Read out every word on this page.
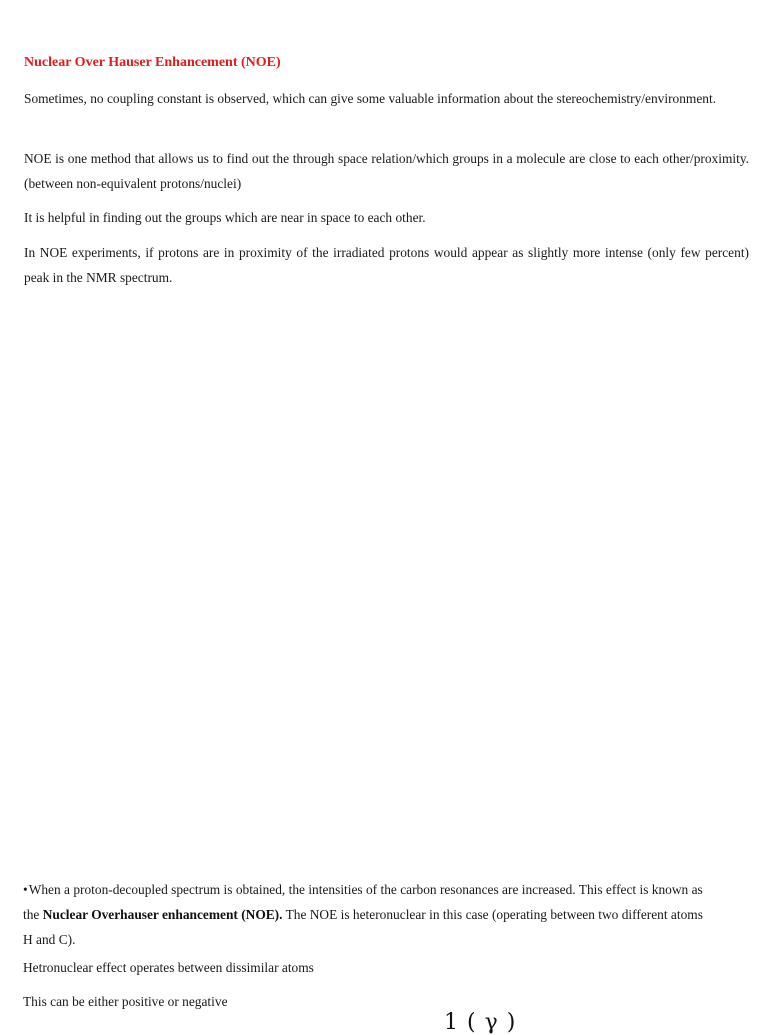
Nuclear Over Hauser Enhancement (NOE)

Sometimes, no coupling constant is observed, which can give some valuable information about the stereochemistry/environment.

NOE is one method that allows us to find out the through space relation/which groups in a molecule are close to each other/proximity. (between non-equivalent protons/nuclei)

It is helpful in finding out the groups which are near in space to each other.

In NOE experiments, if protons are in proximity of the irradiated protons would appear as slightly more intense (only few percent) peak in the NMR spectrum.

•When a proton-decoupled spectrum is obtained, the intensities of the carbon resonances are increased. This effect is known as the Nuclear Overhauser enhancement (NOE). The NOE is heteronuclear in this case (operating between two different atoms H and C).

Hetronuclear effect operates between dissimilar atoms

This can be either positive or negative

1 ( γ )
